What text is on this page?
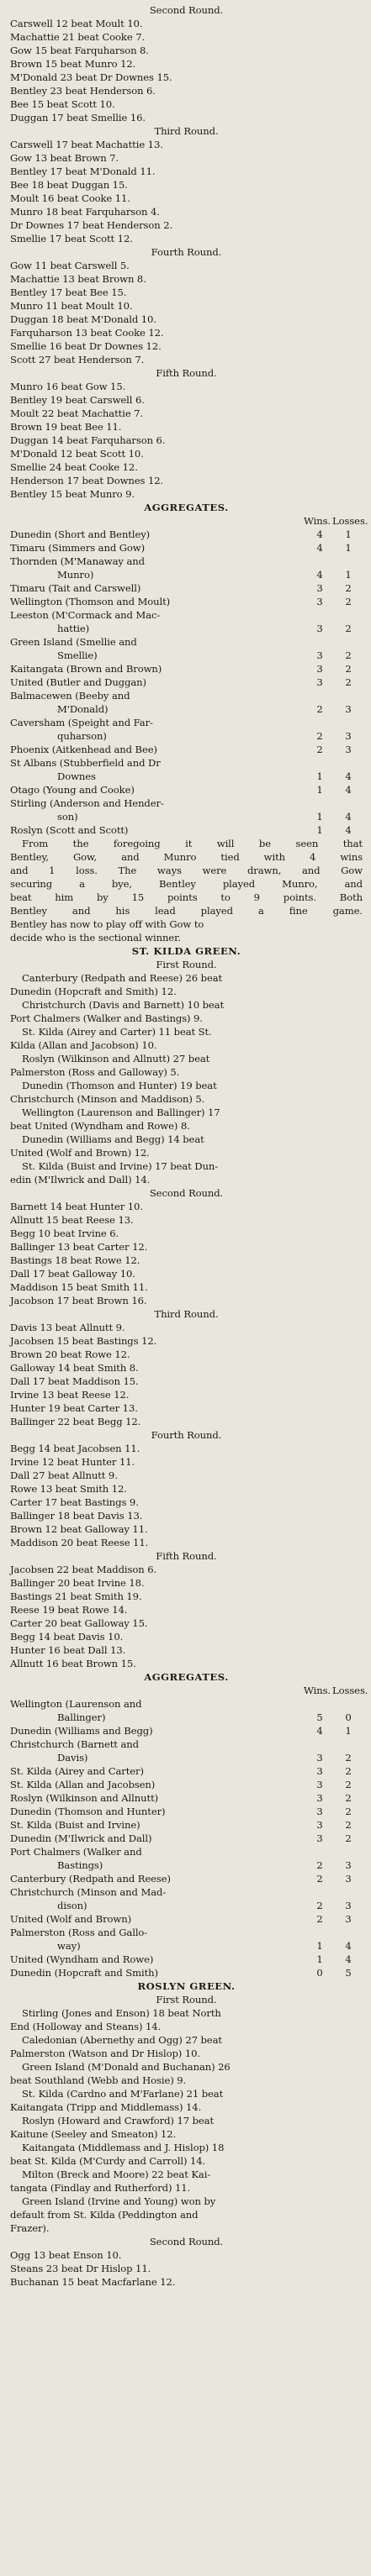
Second Round.
Carswell 12 beat Moult 10.
Machattie 21 beat Cooke 7.
Gow 15 beat Farquharson 8.
Brown 15 beat Munro 12.
M'Donald 23 beat Dr Downes 15.
Bentley 23 beat Henderson 6.
Bee 15 beat Scott 10.
Duggan 17 beat Smellie 16.
Third Round.
Carswell 17 beat Machattie 13.
Gow 13 beat Brown 7.
Bentley 17 beat M'Donald 11.
Bee 18 beat Duggan 15.
Moult 16 beat Cooke 11.
Munro 18 beat Farquharson 4.
Dr Downes 17 beat Henderson 2.
Smellie 17 beat Scott 12.
Fourth Round.
Gow 11 beat Carswell 5.
Machattie 13 beat Brown 8.
Bentley 17 beat Bee 15.
Munro 11 beat Moult 10.
Duggan 18 beat M'Donald 10.
Farquharson 13 beat Cooke 12.
Smellie 16 beat Dr Downes 12.
Scott 27 beat Henderson 7.
Fifth Round.
Munro 16 beat Gow 15.
Bentley 19 beat Carswell 6.
Moult 22 beat Machattie 7.
Brown 19 beat Bee 11.
Duggan 14 beat Farquharson 6.
M'Donald 12 beat Scott 10.
Smellie 24 beat Cooke 12.
Henderson 17 beat Downes 12.
Bentley 15 beat Munro 9.
AGGREGATES.
Wins. Losses.
Dunedin (Short and Bentley)	4	1
Timaru (Simmers and Gow)	4	1
Thornden (M'Manaway and
Munro)	4	1
Timaru (Tait and Carswell)	3	2
Wellington (Thomson and Moult)	3	2
Leeston (M'Cormack and Mac-
hattie)	3	2
Green Island (Smellie and
Smellie)	3	2
Kaitangata (Brown and Brown)	3	2
United (Butler and Duggan)	3	2
Balmacewen (Beeby and
M'Donald)	2	3
Caversham (Speight and Far-
quharson)	2	3
Phoenix (Aitkenhead and Bee)	2	3
St Albans (Stubberfield and Dr
Downes	1	4
Otago (Young and Cooke)	1	4
Stirling (Anderson and Hender-
son)	1	4
Roslyn (Scott and Scott)	1	4
From the foregoing it will be seen that
Bentley, Gow, and Munro tied with 4 wins
and 1 loss. The ways were drawn, and Gow
securing a bye, Bentley played Munro, and
beat him by 15 points to 9 points. Both
Bentley and his lead played a fine game.
Bentley has now to play off with Gow to
decide who is the sectional winner.
ST. KILDA GREEN.
First Round.
Canterbury (Redpath and Reese) 26 beat
Dunedin (Hopcraft and Smith) 12.
Christchurch (Davis and Barnett) 10 beat
Port Chalmers (Walker and Bastings) 9.
St. Kilda (Airey and Carter) 11 beat St.
Kilda (Allan and Jacobson) 10.
Roslyn (Wilkinson and Allnutt) 27 beat
Palmerston (Ross and Galloway) 5.
Dunedin (Thomson and Hunter) 19 beat
Christchurch (Minson and Maddison) 5.
Wellington (Laurenson and Ballinger) 17
beat United (Wyndham and Rowe) 8.
Dunedin (Williams and Begg) 14 beat
United (Wolf and Brown) 12.
St. Kilda (Buist and Irvine) 17 beat Dun-
edin (M'Ilwrick and Dall) 14.
Second Round.
Barnett 14 beat Hunter 10.
Allnutt 15 beat Reese 13.
Begg 10 beat Irvine 6.
Ballinger 13 beat Carter 12.
Bastings 18 beat Rowe 12.
Dall 17 beat Galloway 10.
Maddison 15 beat Smith 11.
Jacobson 17 beat Brown 16.
Third Round.
Davis 13 beat Allnutt 9.
Jacobsen 15 beat Bastings 12.
Brown 20 beat Rowe 12.
Galloway 14 beat Smith 8.
Dall 17 beat Maddison 15.
Irvine 13 beat Reese 12.
Hunter 19 beat Carter 13.
Ballinger 22 beat Begg 12.
Fourth Round.
Begg 14 beat Jacobsen 11.
Irvine 12 beat Hunter 11.
Dall 27 beat Allnutt 9.
Rowe 13 beat Smith 12.
Carter 17 beat Bastings 9.
Ballinger 18 beat Davis 13.
Brown 12 beat Galloway 11.
Maddison 20 beat Reese 11.
Fifth Round.
Jacobsen 22 beat Maddison 6.
Ballinger 20 beat Irvine 18.
Bastings 21 beat Smith 19.
Reese 19 beat Rowe 14.
Carter 20 beat Galloway 15.
Begg 14 beat Davis 10.
Hunter 16 beat Dall 13.
Allnutt 16 beat Brown 15.
AGGREGATES.
Wins. Losses.
Wellington (Laurenson and
Ballinger)	5	0
Dunedin (Williams and Begg)	4	1
Christchurch (Barnett and
Davis)	3	2
St. Kilda (Airey and Carter)	3	2
St. Kilda (Allan and Jacobsen)	3	2
Roslyn (Wilkinson and Allnutt)	3	2
Dunedin (Thomson and Hunter)	3	2
St. Kilda (Buist and Irvine)	3	2
Dunedin (M'Ilwrick and Dall)	3	2
Port Chalmers (Walker and
Bastings)	2	3
Canterbury (Redpath and Reese)	2	3
Christchurch (Minson and Mad-
dison)	2	3
United (Wolf and Brown)	2	3
Palmerston (Ross and Gallo-
way)	1	4
United (Wyndham and Rowe)	1	4
Dunedin (Hopcraft and Smith)	0	5
ROSLYN GREEN.
First Round.
Stirling (Jones and Enson) 18 beat North
End (Holloway and Steans) 14.
Caledonian (Abernethy and Ogg) 27 beat
Palmerston (Watson and Dr Hislop) 10.
Green Island (M'Donald and Buchanan) 26
beat Southland (Webb and Hosie) 9.
St. Kilda (Cardno and M'Farlane) 21 beat
Kaitangata (Tripp and Middlemass) 14.
Roslyn (Howard and Crawford) 17 beat
Kaitune (Seeley and Smeaton) 12.
Kaitangata (Middlemass and J. Hislop) 18
beat St. Kilda (M'Curdy and Carroll) 14.
Milton (Breck and Moore) 22 beat Kai-
tangata (Findlay and Rutherford) 11.
Green Island (Irvine and Young) won by
default from St. Kilda (Peddington and
Frazer).
Second Round.
Ogg 13 beat Enson 10.
Steans 23 beat Dr Hislop 11.
Buchanan 15 beat Macfarlane 12.
